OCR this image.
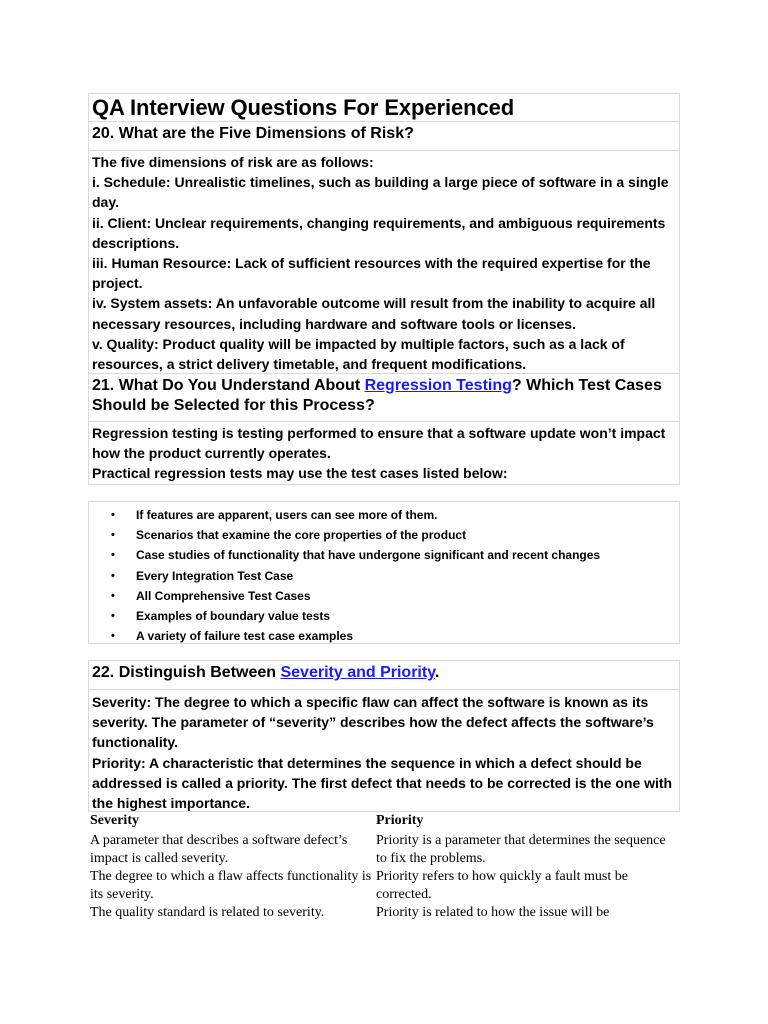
QA Interview Questions For Experienced
20. What are the Five Dimensions of Risk?

The five dimensions of risk are as follows:

i. Schedule: Unrealistic timelines, such as building a large piece of software in a single day.

ii. Client: Unclear requirements, changing requirements, and ambiguous requirements descriptions.

iii. Human Resource: Lack of sufficient resources with the required expertise for the project.

iv. System assets: An unfavorable outcome will result from the inability to acquire all necessary resources, including hardware and software tools or licenses.

v. Quality: Product quality will be impacted by multiple factors, such as a lack of resources, a strict delivery timetable, and frequent modifications.

21. What Do You Understand About Regression Testing? Which Test Cases Should be Selected for this Process?

Regression testing is testing performed to ensure that a software update won’t impact how the product currently operates.

Practical regression tests may use the test cases listed below:

• If features are apparent, users can see more of them.
• Scenarios that examine the core properties of the product
• Case studies of functionality that have undergone significant and recent changes
• Every Integration Test Case
• All Comprehensive Test Cases
• Examples of boundary value tests
• A variety of failure test case examples
22. Distinguish Between Severity and Priority.

Severity: The degree to which a specific flaw can affect the software is known as its severity. The parameter of “severity” describes how the defect affects the software’s functionality.

Priority: A characteristic that determines the sequence in which a defect should be addressed is called a priority. The first defect that needs to be corrected is the one with the highest importance.

Severity	Priority
A parameter that describes a software defect’s impact is called severity.
Priority is a parameter that determines the sequence to fix the problems.
The degree to which a flaw affects functionality is its severity.
Priority refers to how quickly a fault must be corrected.
The quality standard is related to severity.	Priority is related to how the issue will be
